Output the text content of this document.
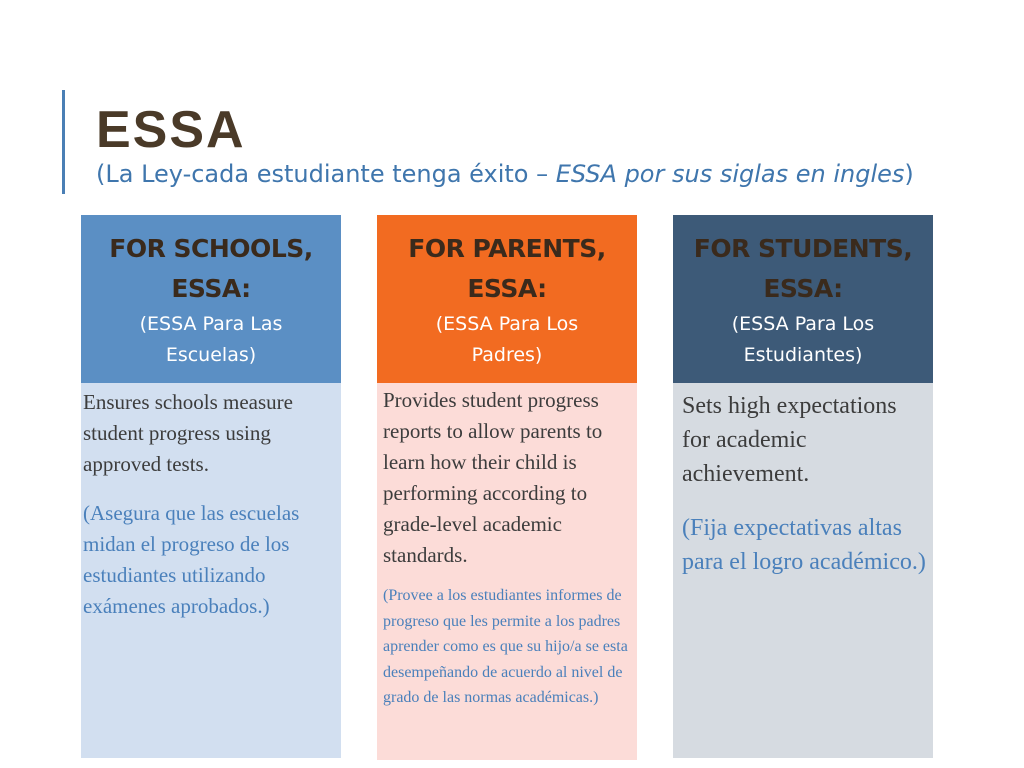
ESSA
(La Ley-cada estudiante tenga éxito – ESSA por sus siglas en ingles)
FOR SCHOOLS,
ESSA:
(ESSA Para Las
Escuelas)
Ensures schools measure student progress using approved tests.
(Asegura que las escuelas midan el progreso de los estudiantes utilizando exámenes aprobados.)
FOR PARENTS,
ESSA:
(ESSA Para Los
Padres)
Provides student progress reports to allow parents to learn how their child is performing according to grade-level academic standards.
(Provee a los estudiantes informes de progreso que les permite a los padres aprender como es que su hijo/a se esta desempeñando de acuerdo al nivel de grado de las normas académicas.)
FOR STUDENTS,
ESSA:
(ESSA Para Los
Estudiantes)
Sets high expectations for academic achievement.
(Fija expectativas altas para el logro académico.)
